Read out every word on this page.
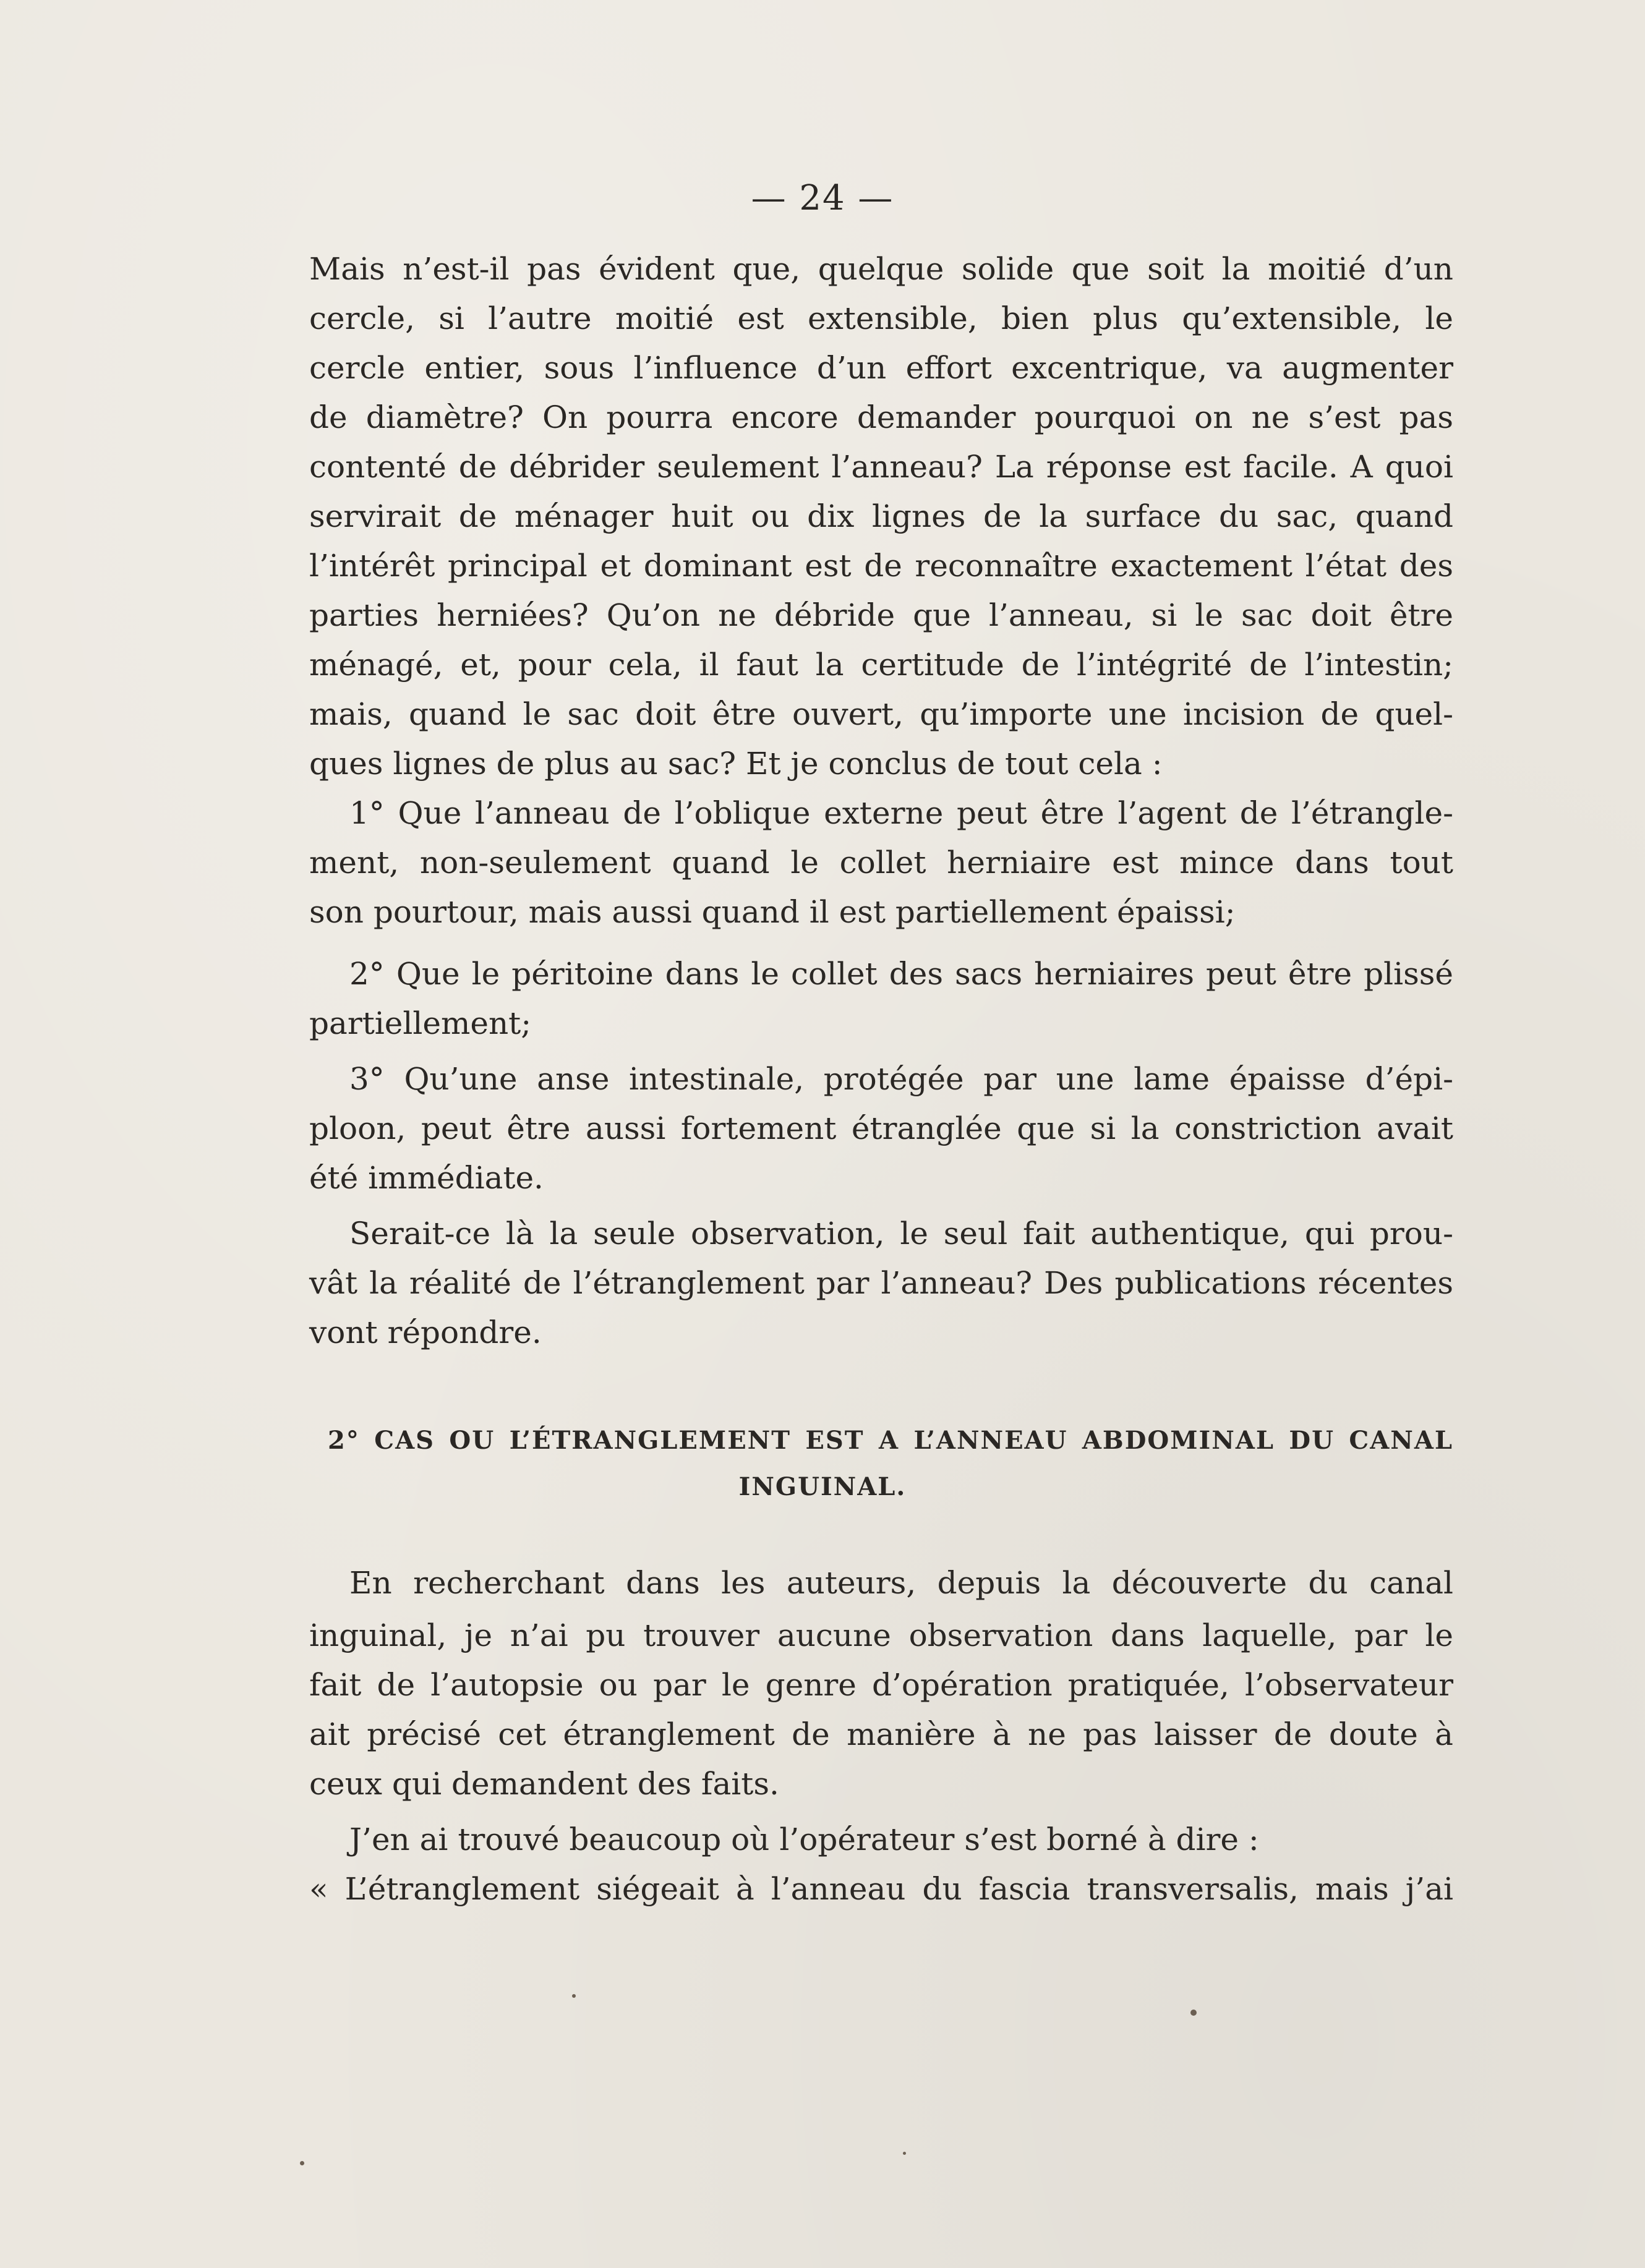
— 24 —
Mais n’est-il pas évident que, quelque solide que soit la moitié d’un
cercle, si l’autre moitié est extensible, bien plus qu’extensible, le
cercle entier, sous l’influence d’un effort excentrique, va augmenter
de diamètre? On pourra encore demander pourquoi on ne s’est pas
contenté de débrider seulement l’anneau? La réponse est facile. A quoi
servirait de ménager huit ou dix lignes de la surface du sac, quand
l’intérêt principal et dominant est de reconnaître exactement l’état des
parties herniées? Qu’on ne débride que l’anneau, si le sac doit être
ménagé, et, pour cela, il faut la certitude de l’intégrité de l’intestin;
mais, quand le sac doit être ouvert, qu’importe une incision de quel-
ques lignes de plus au sac? Et je conclus de tout cela :
1° Que l’anneau de l’oblique externe peut être l’agent de l’étrangle-
ment, non-seulement quand le collet herniaire est mince dans tout
son pourtour, mais aussi quand il est partiellement épaissi;
2° Que le péritoine dans le collet des sacs herniaires peut être plissé
partiellement;
3° Qu’une anse intestinale, protégée par une lame épaisse d’épi-
ploon, peut être aussi fortement étranglée que si la constriction avait
été immédiate.
Serait-ce là la seule observation, le seul fait authentique, qui prou-
vât la réalité de l’étranglement par l’anneau? Des publications récentes
vont répondre.
2° CAS OU L’ÉTRANGLEMENT EST A L’ANNEAU ABDOMINAL DU CANAL
INGUINAL.
En recherchant dans les auteurs, depuis la découverte du canal
inguinal, je n’ai pu trouver aucune observation dans laquelle, par le
fait de l’autopsie ou par le genre d’opération pratiquée, l’observateur
ait précisé cet étranglement de manière à ne pas laisser de doute à
ceux qui demandent des faits.
J’en ai trouvé beaucoup où l’opérateur s’est borné à dire :
« L’étranglement siégeait à l’anneau du fascia transversalis, mais j’ai
